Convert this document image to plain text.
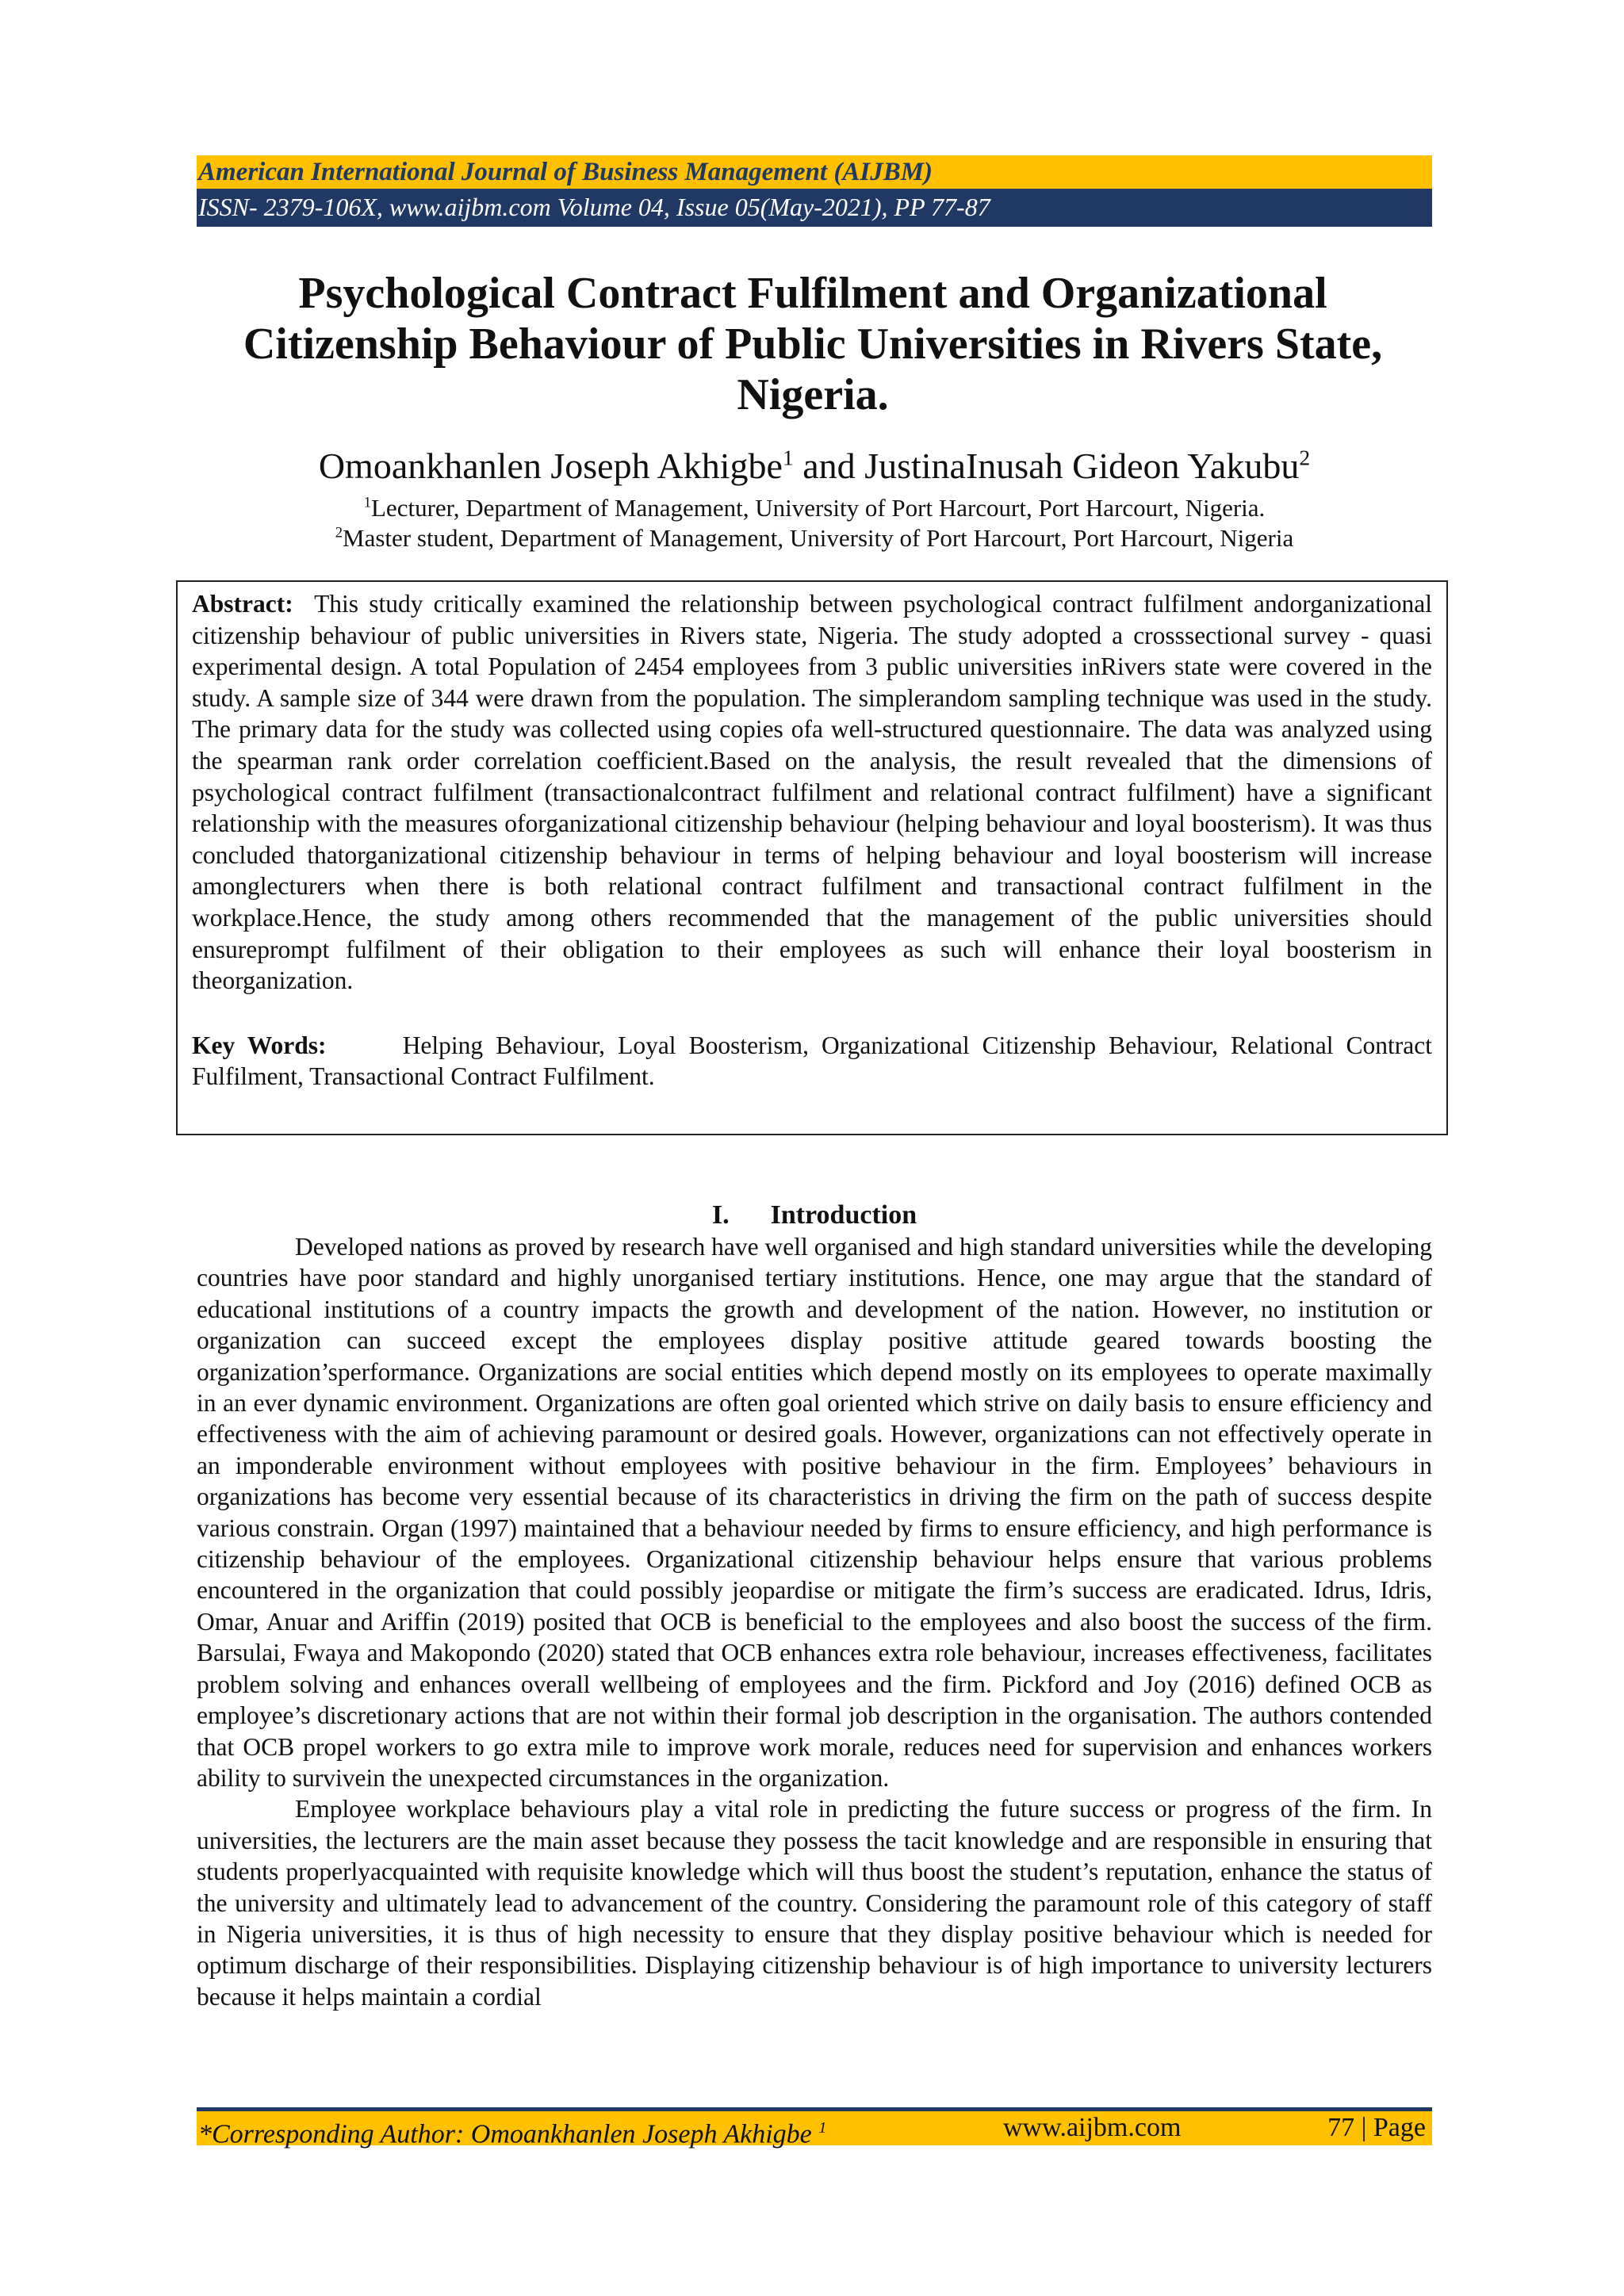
American International Journal of Business Management (AIJBM)
ISSN- 2379-106X, www.aijbm.com Volume 04, Issue 05(May-2021), PP 77-87
Psychological Contract Fulfilment and Organizational Citizenship Behaviour of Public Universities in Rivers State, Nigeria.
Omoankhanlen Joseph Akhigbe$^1$ and JustinaInusah Gideon Yakubu$^2$
$^1$Lecturer, Department of Management, University of Port Harcourt, Port Harcourt, Nigeria.
$^2$Master student, Department of Management, University of Port Harcourt, Port Harcourt, Nigeria

Abstract: This study critically examined the relationship between psychological contract fulfilment andorganizational citizenship behaviour of public universities in Rivers state, Nigeria. The study adopted a crosssectional survey - quasi experimental design. A total Population of 2454 employees from 3 public universities inRivers state were covered in the study. A sample size of 344 were drawn from the population. The simplerandom sampling technique was used in the study. The primary data for the study was collected using copies ofa well-structured questionnaire. The data was analyzed using the spearman rank order correlation coefficient.Based on the analysis, the result revealed that the dimensions of psychological contract fulfilment (transactionalcontract fulfilment and relational contract fulfilment) have a significant relationship with the measures oforganizational citizenship behaviour (helping behaviour and loyal boosterism). It was thus concluded thatorganizational citizenship behaviour in terms of helping behaviour and loyal boosterism will increase amonglecturers when there is both relational contract fulfilment and transactional contract fulfilment in the workplace.Hence, the study among others recommended that the management of the public universities should ensureprompt fulfilment of their obligation to their employees as such will enhance their loyal boosterism in theorganization.

Key Words:	Helping Behaviour, Loyal Boosterism, Organizational Citizenship Behaviour, Relational Contract Fulfilment, Transactional Contract Fulfilment.

I. Introduction

Developed nations as proved by research have well organised and high standard universities while the developing countries have poor standard and highly unorganised tertiary institutions. Hence, one may argue that the standard of educational institutions of a country impacts the growth and development of the nation. However, no institution or organization can succeed except the employees display positive attitude geared towards boosting the organization’sperformance. Organizations are social entities which depend mostly on its employees to operate maximally in an ever dynamic environment. Organizations are often goal oriented which strive on daily basis to ensure efficiency and effectiveness with the aim of achieving paramount or desired goals. However, organizations can not effectively operate in an imponderable environment without employees with positive behaviour in the firm. Employees’ behaviours in organizations has become very essential because of its characteristics in driving the firm on the path of success despite various constrain. Organ (1997) maintained that a behaviour needed by firms to ensure efficiency, and high performance is citizenship behaviour of the employees. Organizational citizenship behaviour helps ensure that various problems encountered in the organization that could possibly jeopardise or mitigate the firm’s success are eradicated. Idrus, Idris, Omar, Anuar and Ariffin (2019) posited that OCB is beneficial to the employees and also boost the success of the firm. Barsulai, Fwaya and Makopondo (2020) stated that OCB enhances extra role behaviour, increases effectiveness, facilitates problem solving and enhances overall wellbeing of employees and the firm. Pickford and Joy (2016) defined OCB as employee’s discretionary actions that are not within their formal job description in the organisation. The authors contended that OCB propel workers to go extra mile to improve work morale, reduces need for supervision and enhances workers ability to survivein the unexpected circumstances in the organization.

Employee workplace behaviours play a vital role in predicting the future success or progress of the firm. In universities, the lecturers are the main asset because they possess the tacit knowledge and are responsible in ensuring that students properlyacquainted with requisite knowledge which will thus boost the student’s reputation, enhance the status of the university and ultimately lead to advancement of the country. Considering the paramount role of this category of staff in Nigeria universities, it is thus of high necessity to ensure that they display positive behaviour which is needed for optimum discharge of their responsibilities. Displaying citizenship behaviour is of high importance to university lecturers because it helps maintain a cordial

*Corresponding Author: Omoankhanlen Joseph Akhigbe $^1$	www.aijbm.com	77 | Page
